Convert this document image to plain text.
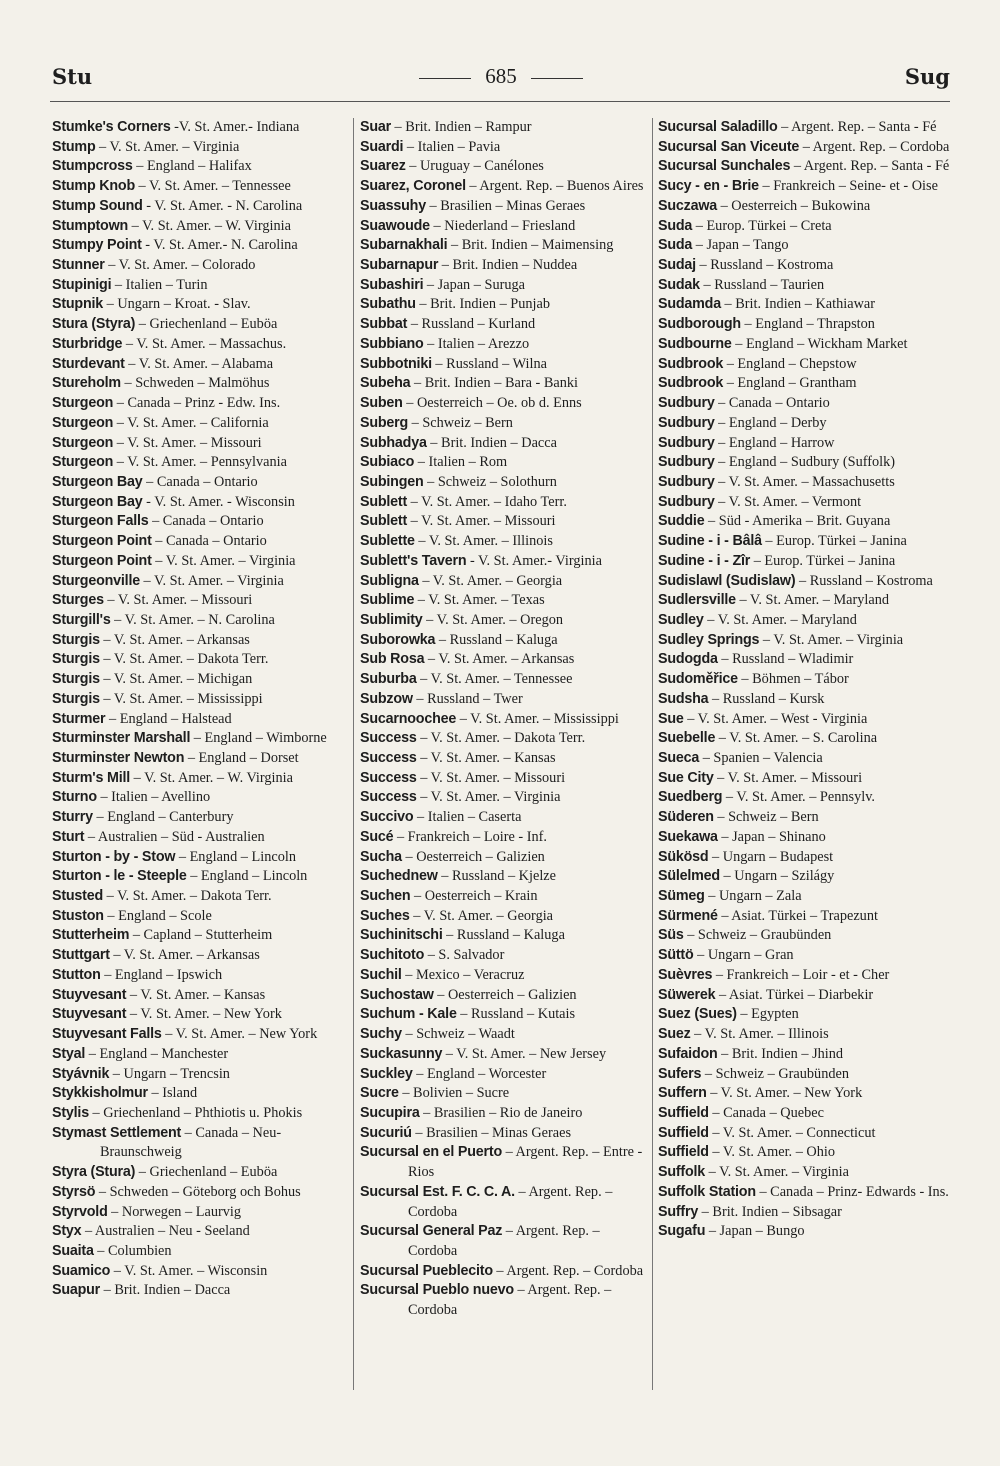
Stu	685	Sug
Stumke's Corners -V. St. Amer.- Indiana
Stump – V. St. Amer. – Virginia
Stumpcross – England – Halifax
Stump Knob – V. St. Amer. – Tennessee
Stump Sound - V. St. Amer. - N. Carolina
Stumptown – V. St. Amer. – W. Virginia
Stumpy Point - V. St. Amer.- N. Carolina
Stunner – V. St. Amer. – Colorado
Stupinigi – Italien – Turin
Stupnik – Ungarn – Kroat. - Slav.
Stura (Styra) – Griechenland – Euböa
Sturbridge – V. St. Amer. – Massachus.
Sturdevant – V. St. Amer. – Alabama
Stureholm – Schweden – Malmöhus
Sturgeon – Canada – Prinz - Edw. Ins.
Sturgeon – V. St. Amer. – California
Sturgeon – V. St. Amer. – Missouri
Sturgeon – V. St. Amer. – Pennsylvania
Sturgeon Bay – Canada – Ontario
Sturgeon Bay - V. St. Amer. - Wisconsin
Sturgeon Falls – Canada – Ontario
Sturgeon Point – Canada – Ontario
Sturgeon Point – V. St. Amer. – Virginia
Sturgeonville – V. St. Amer. – Virginia
Sturges – V. St. Amer. – Missouri
Sturgill's – V. St. Amer. – N. Carolina
Sturgis – V. St. Amer. – Arkansas
Sturgis – V. St. Amer. – Dakota Terr.
Sturgis – V. St. Amer. – Michigan
Sturgis – V. St. Amer. – Mississippi
Sturmer – England – Halstead
Sturminster Marshall – England – Wimborne
Sturminster Newton – England – Dorset
Sturm's Mill – V. St. Amer. – W. Virginia
Sturno – Italien – Avellino
Sturry – England – Canterbury
Sturt – Australien – Süd - Australien
Sturton - by - Stow – England – Lincoln
Sturton - le - Steeple – England – Lincoln
Stusted – V. St. Amer. – Dakota Terr.
Stuston – England – Scole
Stutterheim – Capland – Stutterheim
Stuttgart – V. St. Amer. – Arkansas
Stutton – England – Ipswich
Stuyvesant – V. St. Amer. – Kansas
Stuyvesant – V. St. Amer. – New York
Stuyvesant Falls – V. St. Amer. – New York
Styal – England – Manchester
Styávnik – Ungarn – Trencsin
Stykkisholmur – Island
Stylis – Griechenland – Phthiotis u. Phokis
Stymast Settlement – Canada – Neu- Braunschweig
Styra (Stura) – Griechenland – Euböa
Styrsö – Schweden – Göteborg och Bohus
Styrvold – Norwegen – Laurvig
Styx – Australien – Neu - Seeland
Suaita – Columbien
Suamico – V. St. Amer. – Wisconsin
Suapur – Brit. Indien – Dacca
Suar – Brit. Indien – Rampur
Suardi – Italien – Pavia
Suarez – Uruguay – Canélones
Suarez, Coronel – Argent. Rep. – Buenos Aires
Suassuhy – Brasilien – Minas Geraes
Suawoude – Niederland – Friesland
Subarnakhali – Brit. Indien – Maimensing
Subarnapur – Brit. Indien – Nuddea
Subashiri – Japan – Suruga
Subathu – Brit. Indien – Punjab
Subbat – Russland – Kurland
Subbiano – Italien – Arezzo
Subbotniki – Russland – Wilna
Subeha – Brit. Indien – Bara - Banki
Suben – Oesterreich – Oe. ob d. Enns
Suberg – Schweiz – Bern
Subhadya – Brit. Indien – Dacca
Subiaco – Italien – Rom
Subingen – Schweiz – Solothurn
Sublett – V. St. Amer. – Idaho Terr.
Sublett – V. St. Amer. – Missouri
Sublette – V. St. Amer. – Illinois
Sublett's Tavern - V. St. Amer.- Virginia
Subligna – V. St. Amer. – Georgia
Sublime – V. St. Amer. – Texas
Sublimity – V. St. Amer. – Oregon
Suborowka – Russland – Kaluga
Sub Rosa – V. St. Amer. – Arkansas
Suburba – V. St. Amer. – Tennessee
Subzow – Russland – Twer
Sucarnoochee – V. St. Amer. – Mississippi
Success – V. St. Amer. – Dakota Terr.
Success – V. St. Amer. – Kansas
Success – V. St. Amer. – Missouri
Success – V. St. Amer. – Virginia
Succivo – Italien – Caserta
Sucé – Frankreich – Loire - Inf.
Sucha – Oesterreich – Galizien
Suchednew – Russland – Kjelze
Suchen – Oesterreich – Krain
Suches – V. St. Amer. – Georgia
Suchinitschi – Russland – Kaluga
Suchitoto – S. Salvador
Suchil – Mexico – Veracruz
Suchostaw – Oesterreich – Galizien
Suchum - Kale – Russland – Kutais
Suchy – Schweiz – Waadt
Suckasunny – V. St. Amer. – New Jersey
Suckley – England – Worcester
Sucre – Bolivien – Sucre
Sucupira – Brasilien – Rio de Janeiro
Sucuriú – Brasilien – Minas Geraes
Sucursal en el Puerto – Argent. Rep. – Entre - Rios
Sucursal Est. F. C. C. A. – Argent. Rep. – Cordoba
Sucursal General Paz – Argent. Rep. – Cordoba
Sucursal Pueblecito – Argent. Rep. – Cordoba
Sucursal Pueblo nuevo – Argent. Rep. – Cordoba
Sucursal Saladillo – Argent. Rep. – Santa - Fé
Sucursal San Viceute – Argent. Rep. – Cordoba
Sucursal Sunchales – Argent. Rep. – Santa - Fé
Sucy - en - Brie – Frankreich – Seine- et - Oise
Suczawa – Oesterreich – Bukowina
Suda – Europ. Türkei – Creta
Suda – Japan – Tango
Sudaj – Russland – Kostroma
Sudak – Russland – Taurien
Sudamda – Brit. Indien – Kathiawar
Sudborough – England – Thrapston
Sudbourne – England – Wickham Market
Sudbrook – England – Chepstow
Sudbrook – England – Grantham
Sudbury – Canada – Ontario
Sudbury – England – Derby
Sudbury – England – Harrow
Sudbury – England – Sudbury (Suffolk)
Sudbury – V. St. Amer. – Massachusetts
Sudbury – V. St. Amer. – Vermont
Suddie – Süd - Amerika – Brit. Guyana
Sudine - i - Bâlâ – Europ. Türkei – Janina
Sudine - i - Zîr – Europ. Türkei – Janina
Sudislawl (Sudislaw) – Russland – Kostroma
Sudlersville – V. St. Amer. – Maryland
Sudley – V. St. Amer. – Maryland
Sudley Springs – V. St. Amer. – Virginia
Sudogda – Russland – Wladimir
Sudoměřice – Böhmen – Tábor
Sudsha – Russland – Kursk
Sue – V. St. Amer. – West - Virginia
Suebelle – V. St. Amer. – S. Carolina
Sueca – Spanien – Valencia
Sue City – V. St. Amer. – Missouri
Suedberg – V. St. Amer. – Pennsylv.
Süderen – Schweiz – Bern
Suekawa – Japan – Shinano
Sükösd – Ungarn – Budapest
Sülelmed – Ungarn – Szilágy
Sümeg – Ungarn – Zala
Sürmené – Asiat. Türkei – Trapezunt
Süs – Schweiz – Graubünden
Süttö – Ungarn – Gran
Suèvres – Frankreich – Loir - et - Cher
Süwerek – Asiat. Türkei – Diarbekir
Suez (Sues) – Egypten
Suez – V. St. Amer. – Illinois
Sufaidon – Brit. Indien – Jhind
Sufers – Schweiz – Graubünden
Suffern – V. St. Amer. – New York
Suffield – Canada – Quebec
Suffield – V. St. Amer. – Connecticut
Suffield – V. St. Amer. – Ohio
Suffolk – V. St. Amer. – Virginia
Suffolk Station – Canada – Prinz- Edwards - Ins.
Suffry – Brit. Indien – Sibsagar
Sugafu – Japan – Bungo
